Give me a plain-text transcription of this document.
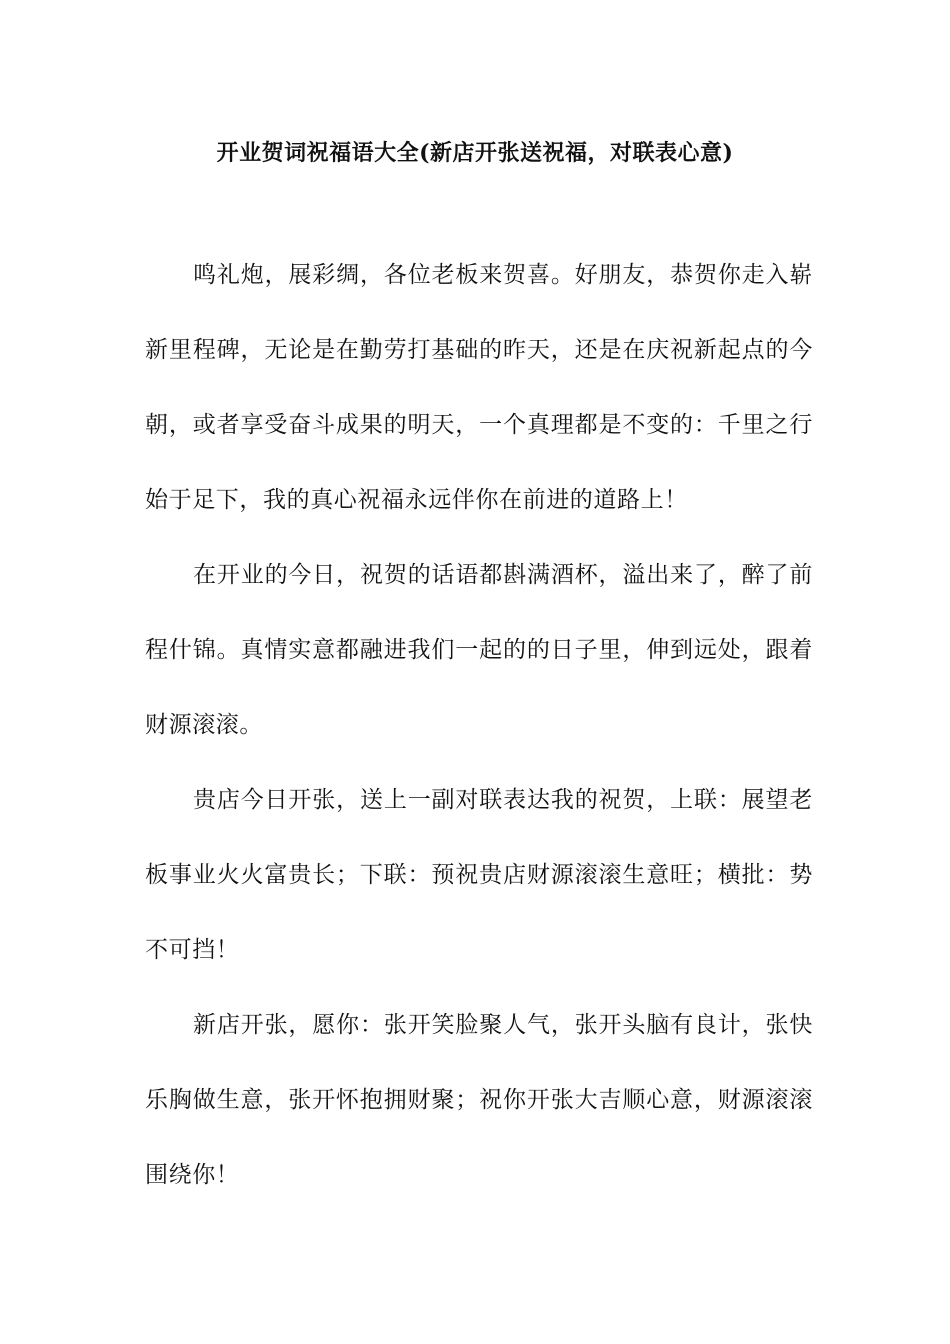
开业贺词祝福语大全(新店开张送祝福，对联表心意)

鸣礼炮，展彩绸，各位老板来贺喜。好朋友，恭贺你走入崭新里程碑，无论是在勤劳打基础的昨天，还是在庆祝新起点的今朝，或者享受奋斗成果的明天，一个真理都是不变的：千里之行始于足下，我的真心祝福永远伴你在前进的道路上！

在开业的今日，祝贺的话语都斟满酒杯，溢出来了，醉了前程什锦。真情实意都融进我们一起的的日子里，伸到远处，跟着财源滚滚。

贵店今日开张，送上一副对联表达我的祝贺，上联：展望老板事业火火富贵长；下联：预祝贵店财源滚滚生意旺；横批：势不可挡！

新店开张，愿你：张开笑脸聚人气，张开头脑有良计，张快乐胸做生意，张开怀抱拥财聚；祝你开张大吉顺心意，财源滚滚围绕你！
